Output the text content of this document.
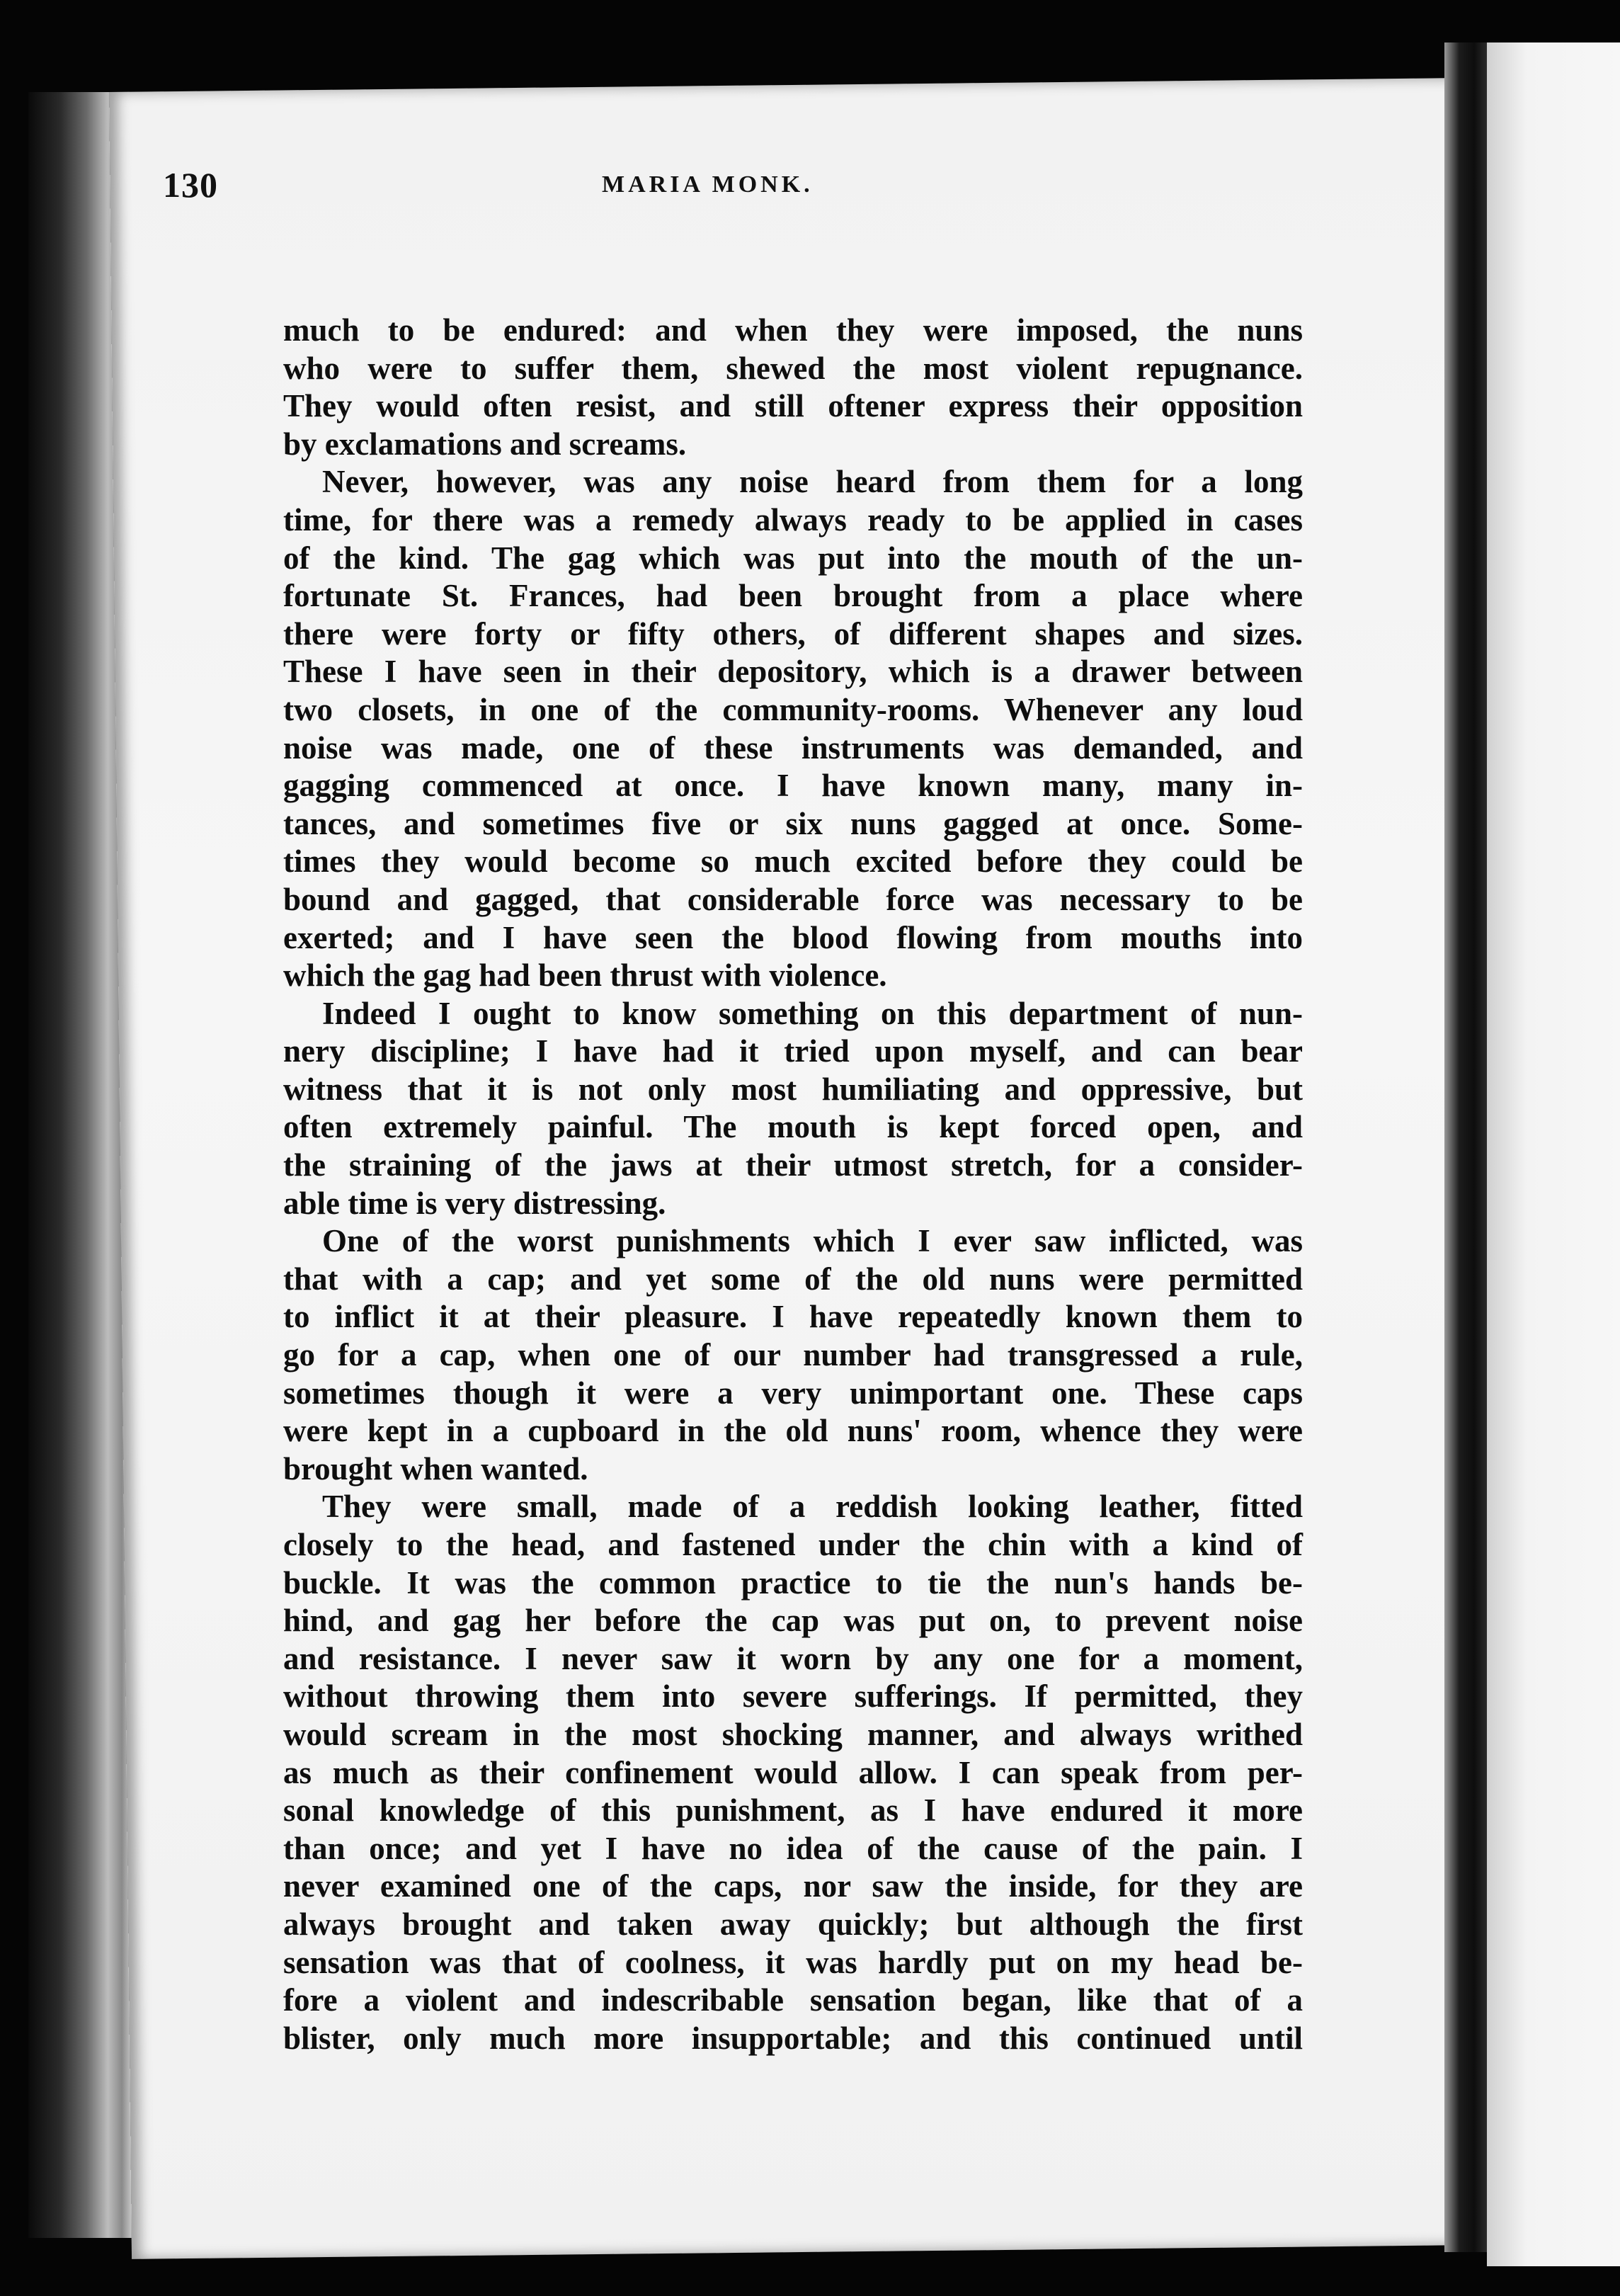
130	MARIA MONK.
much to be endured: and when they were imposed, the nuns
who were to suffer them, shewed the most violent repugnance.
They would often resist, and still oftener express their opposition
by exclamations and screams.
Never, however, was any noise heard from them for a long
time, for there was a remedy always ready to be applied in cases
of the kind. The gag which was put into the mouth of the un-
fortunate St. Frances, had been brought from a place where
there were forty or fifty others, of different shapes and sizes.
These I have seen in their depository, which is a drawer between
two closets, in one of the community-rooms. Whenever any loud
noise was made, one of these instruments was demanded, and
gagging commenced at once. I have known many, many in-
tances, and sometimes five or six nuns gagged at once. Some-
times they would become so much excited before they could be
bound and gagged, that considerable force was necessary to be
exerted; and I have seen the blood flowing from mouths into
which the gag had been thrust with violence.
Indeed I ought to know something on this department of nun-
nery discipline; I have had it tried upon myself, and can bear
witness that it is not only most humiliating and oppressive, but
often extremely painful. The mouth is kept forced open, and
the straining of the jaws at their utmost stretch, for a consider-
able time is very distressing.
One of the worst punishments which I ever saw inflicted, was
that with a cap; and yet some of the old nuns were permitted
to inflict it at their pleasure. I have repeatedly known them to
go for a cap, when one of our number had transgressed a rule,
sometimes though it were a very unimportant one. These caps
were kept in a cupboard in the old nuns' room, whence they were
brought when wanted.
They were small, made of a reddish looking leather, fitted
closely to the head, and fastened under the chin with a kind of
buckle. It was the common practice to tie the nun's hands be-
hind, and gag her before the cap was put on, to prevent noise
and resistance. I never saw it worn by any one for a moment,
without throwing them into severe sufferings. If permitted, they
would scream in the most shocking manner, and always writhed
as much as their confinement would allow. I can speak from per-
sonal knowledge of this punishment, as I have endured it more
than once; and yet I have no idea of the cause of the pain. I
never examined one of the caps, nor saw the inside, for they are
always brought and taken away quickly; but although the first
sensation was that of coolness, it was hardly put on my head be-
fore a violent and indescribable sensation began, like that of a
blister, only much more insupportable; and this continued until
